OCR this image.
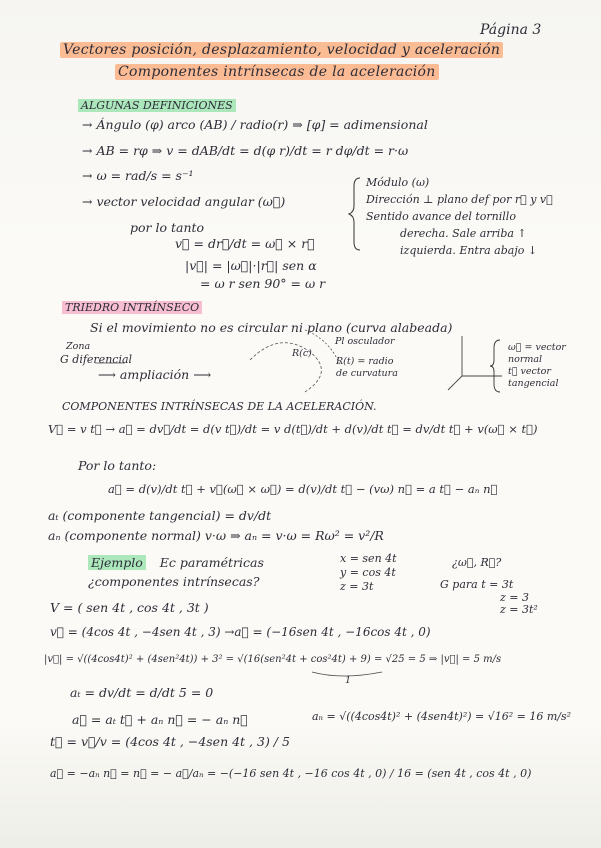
Página 3
Vectores posición, desplazamiento, velocidad y aceleración
Componentes intrínsecas de la aceleración
ALGUNAS DEFINICIONES
→ Ángulo (φ) arco (AB) / radio(r) ⇒ [φ] = adimensional
→ AB = rφ ⇒ v = dAB/dt = d(φ r)/dt = r dφ/dt = r·ω
→ ω = rad/s = s⁻¹
→ vector velocidad angular (ω⃗)
Módulo (ω)
Dirección ⊥ plano def por r⃗ y v⃗
Sentido avance del tornillo
derecha. Sale arriba ↑
izquierda. Entra abajo ↓
por lo tanto
v⃗ = dr⃗/dt = ω⃗ × r⃗
|v⃗| = |ω⃗|·|r⃗| sen α
= ω r sen 90° = ω r
TRIEDRO INTRÍNSECO
Si el movimiento no es circular ni plano (curva alabeada)
Zona
G diferencial
⟶ ampliación ⟶
R(c)
Pl osculador
R(t) = radio
de curvatura
ω⃗ = vector
normal
t⃗ vector
tangencial
COMPONENTES INTRÍNSECAS DE LA ACELERACIÓN.
V⃗ = v t⃗ → a⃗ = dv⃗/dt = d(v t⃗)/dt = v d(t⃗)/dt + d(v)/dt t⃗ = dv/dt t⃗ + v(ω⃗ × t⃗)
Por lo tanto:
a⃗ = d(v)/dt t⃗ + v⃗(ω⃗ × ω⃗) = d(v)/dt t⃗ − (vω) n⃗ = a t⃗ − aₙ n⃗
aₜ (componente tangencial) = dv/dt
aₙ (componente normal) v·ω ⇒ aₙ = v·ω = Rω² = v²/R
Ejemplo Ec paramétricas
¿componentes intrínsecas?
x = sen 4t
y = cos 4t
z = 3t
¿ω⃗, R⃗?
G para t = 3t
z = 3
z = 3t²
V = ( sen 4t , cos 4t , 3t )
v⃗ = (4cos 4t , −4sen 4t , 3) →a⃗ = (−16sen 4t , −16cos 4t , 0)
|v⃗| = √((4cos4t)² + (4sen²4t)) + 3² = √(16(sen²4t + cos²4t) + 9) = √25 = 5 ⇒ |v⃗| = 5 m/s
1
aₜ = dv/dt = d/dt 5 = 0
a⃗ = aₜ t⃗ + aₙ n⃗ = − aₙ n⃗	aₙ = √((4cos4t)² + (4sen4t)²) = √16² = 16 m/s²
t⃗ = v⃗/v = (4cos 4t , −4sen 4t , 3) / 5
a⃗ = −aₙ n⃗ = n⃗ = − a⃗/aₙ = −(−16 sen 4t , −16 cos 4t , 0) / 16 = (sen 4t , cos 4t , 0)
